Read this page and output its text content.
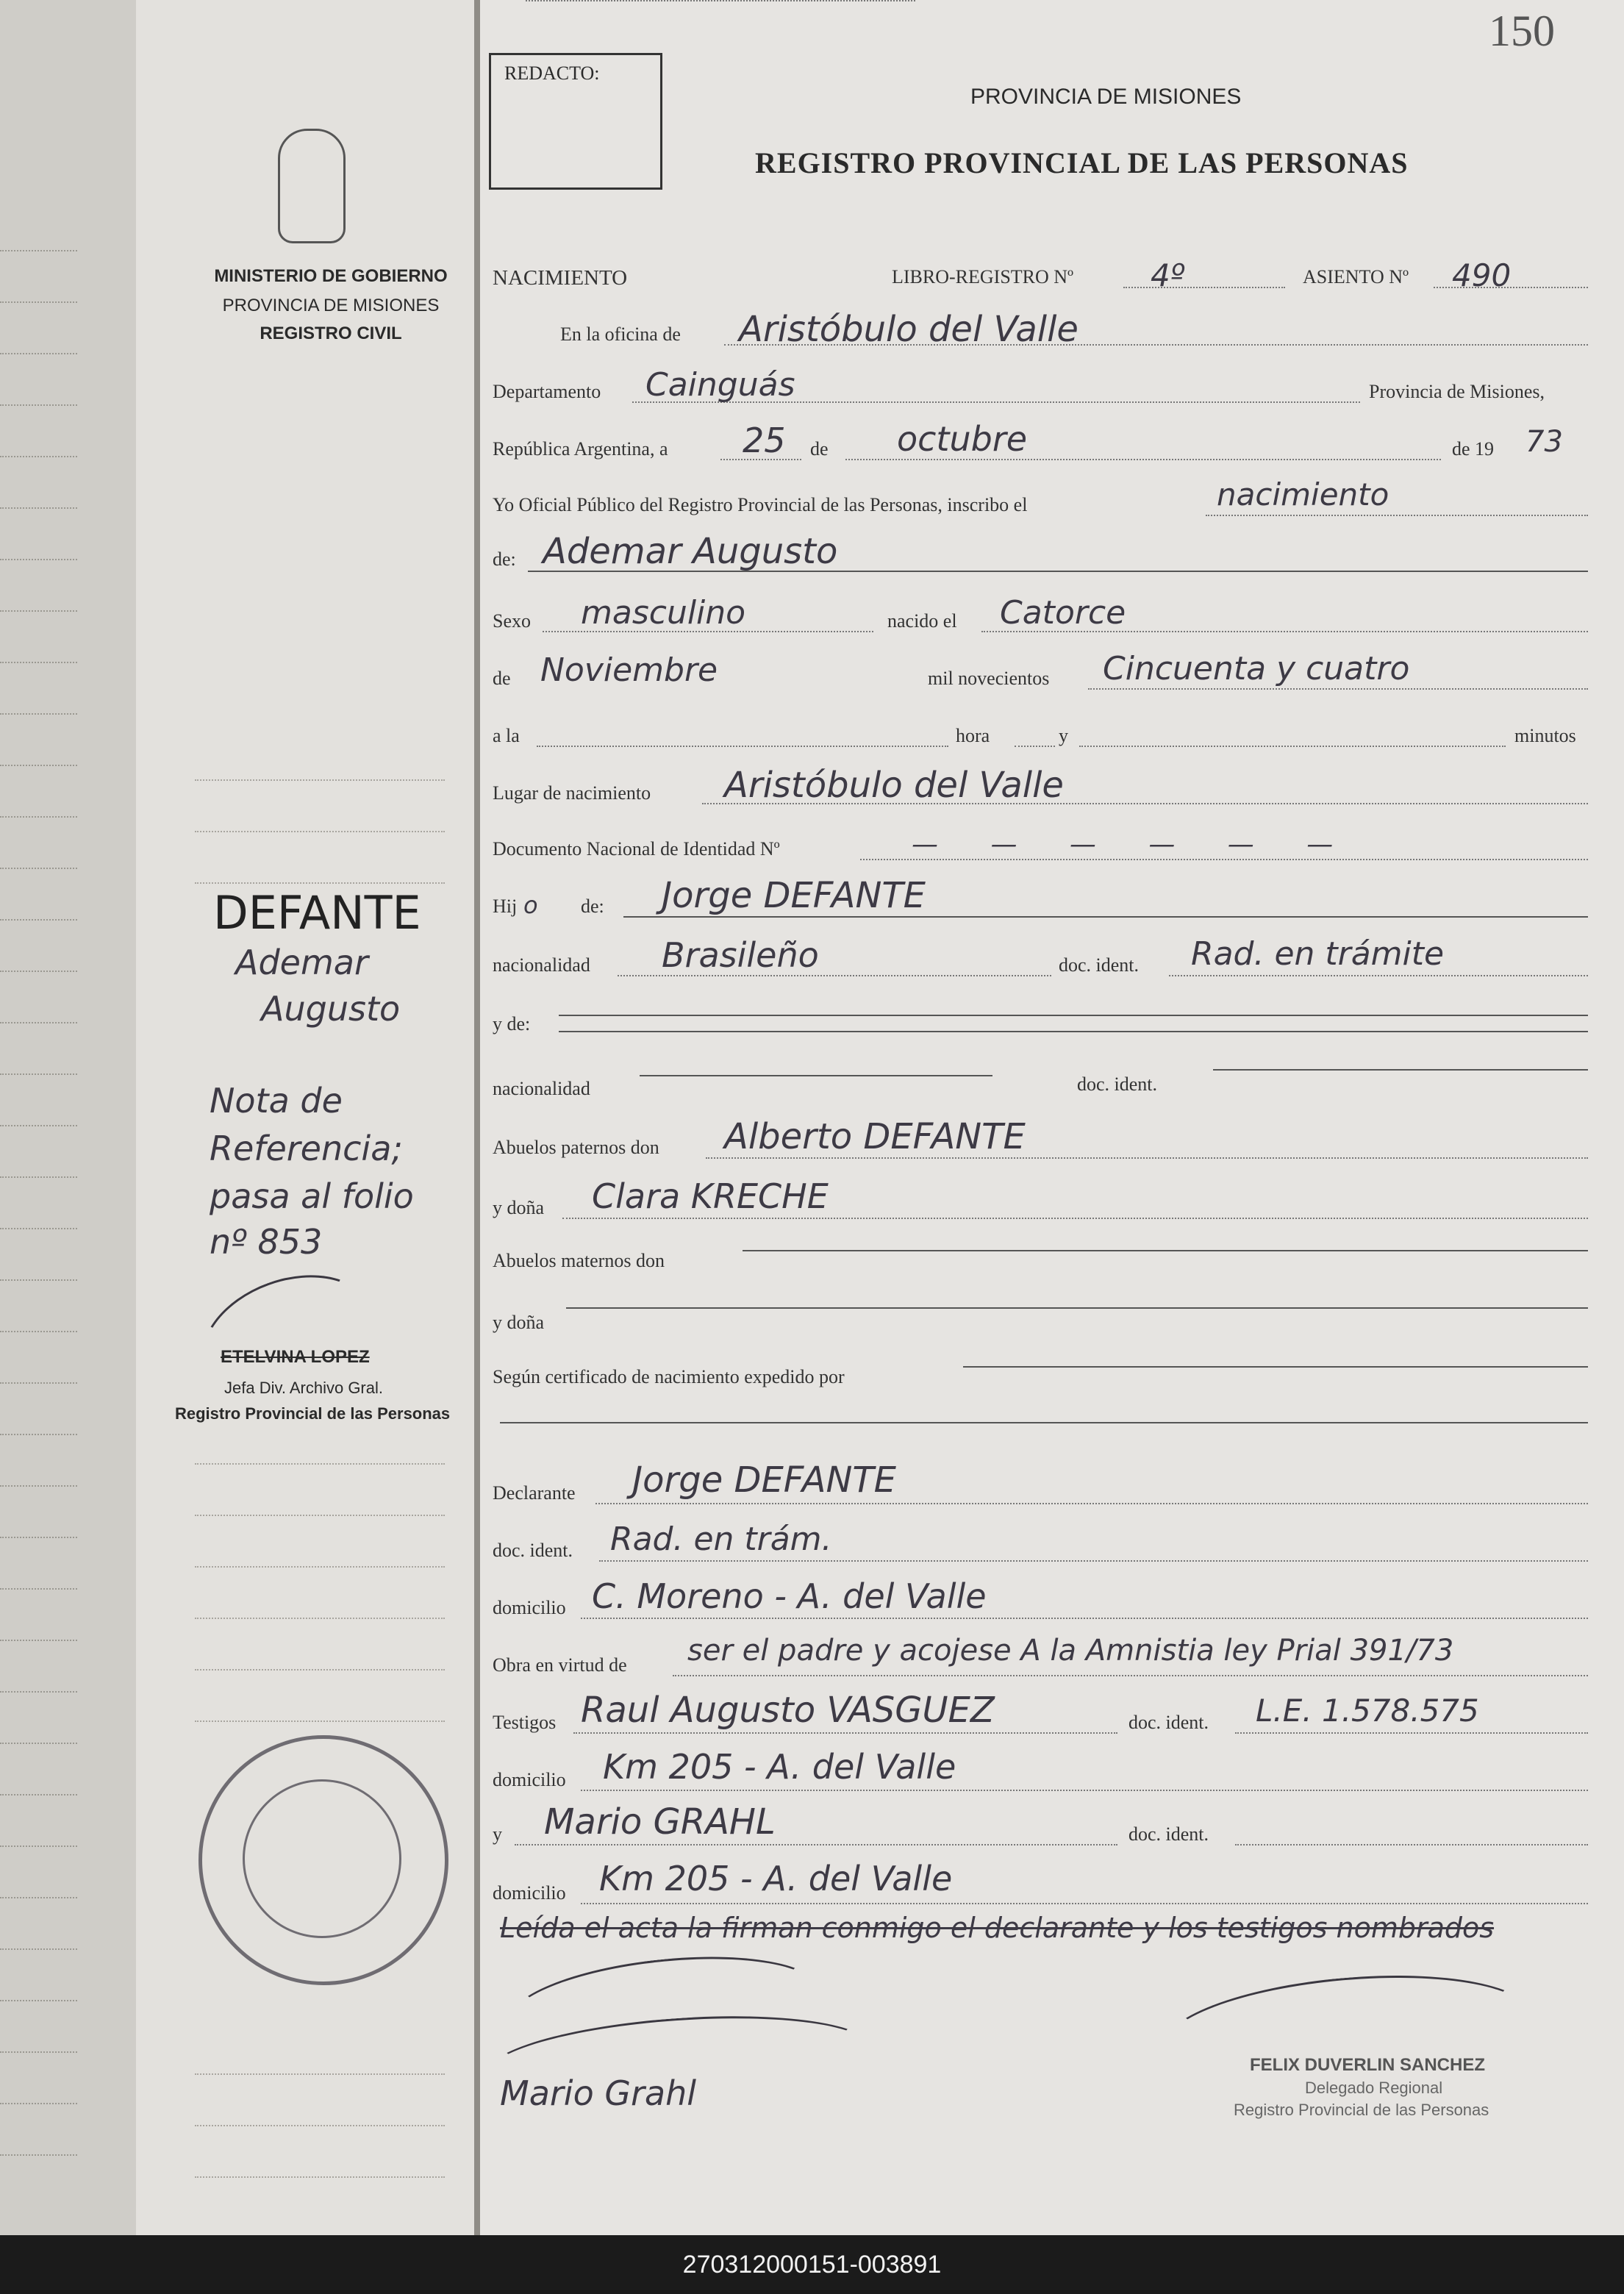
MINISTERIO DE GOBIERNO
PROVINCIA DE MISIONES
REGISTRO CIVIL
DEFANTE
Ademar
Augusto
Nota de
Referencia;
pasa al folio
nº 853
ETELVINA LOPEZ
Jefa Div. Archivo Gral.
Registro Provincial de las Personas
150
REDACTO:
PROVINCIA DE MISIONES
REGISTRO PROVINCIAL DE LAS PERSONAS
NACIMIENTO	LIBRO-REGISTRO Nº 4º	ASIENTO Nº 490
En la oficina de Aristóbulo del Valle
Departamento Cainguás	Provincia de Misiones,
República Argentina, a 25 de octubre	de 19 73
Yo Oficial Público del Registro Provincial de las Personas, inscribo el	nacimiento
de: Ademar Augusto
Sexo masculino	nacido el Catorce
de Noviembre	mil novecientos Cincuenta y cuatro
a la	hora	y	minutos
Lugar de nacimiento Aristóbulo del Valle
Documento Nacional de Identidad Nº	— — — — — —
Hij o de: Jorge DEFANTE
nacionalidad Brasileño	doc. ident. Rad. en trámite
y de:
nacionalidad	doc. ident.
Abuelos paternos don Alberto DEFANTE
y doña Clara KRECHE
Abuelos maternos don
y doña
Según certificado de nacimiento expedido por
Declarante Jorge DEFANTE
doc. ident. Rad. en trám.
domicilio C. Moreno - A. del Valle
Obra en virtud de ser el padre y acojese A la Amnistia ley Prial 391/73
Testigos Raul Augusto VASGUEZ	doc. ident. L.E. 1.578.575
domicilio Km 205 - A. del Valle
y Mario GRAHL	doc. ident.
domicilio Km 205 - A. del Valle
Leída el acta la firman conmigo el declarante y los testigos nombrados
Mario Grahl
FELIX DUVERLIN SANCHEZ
Delegado Regional
Registro Provincial de las Personas
270312000151-003891
